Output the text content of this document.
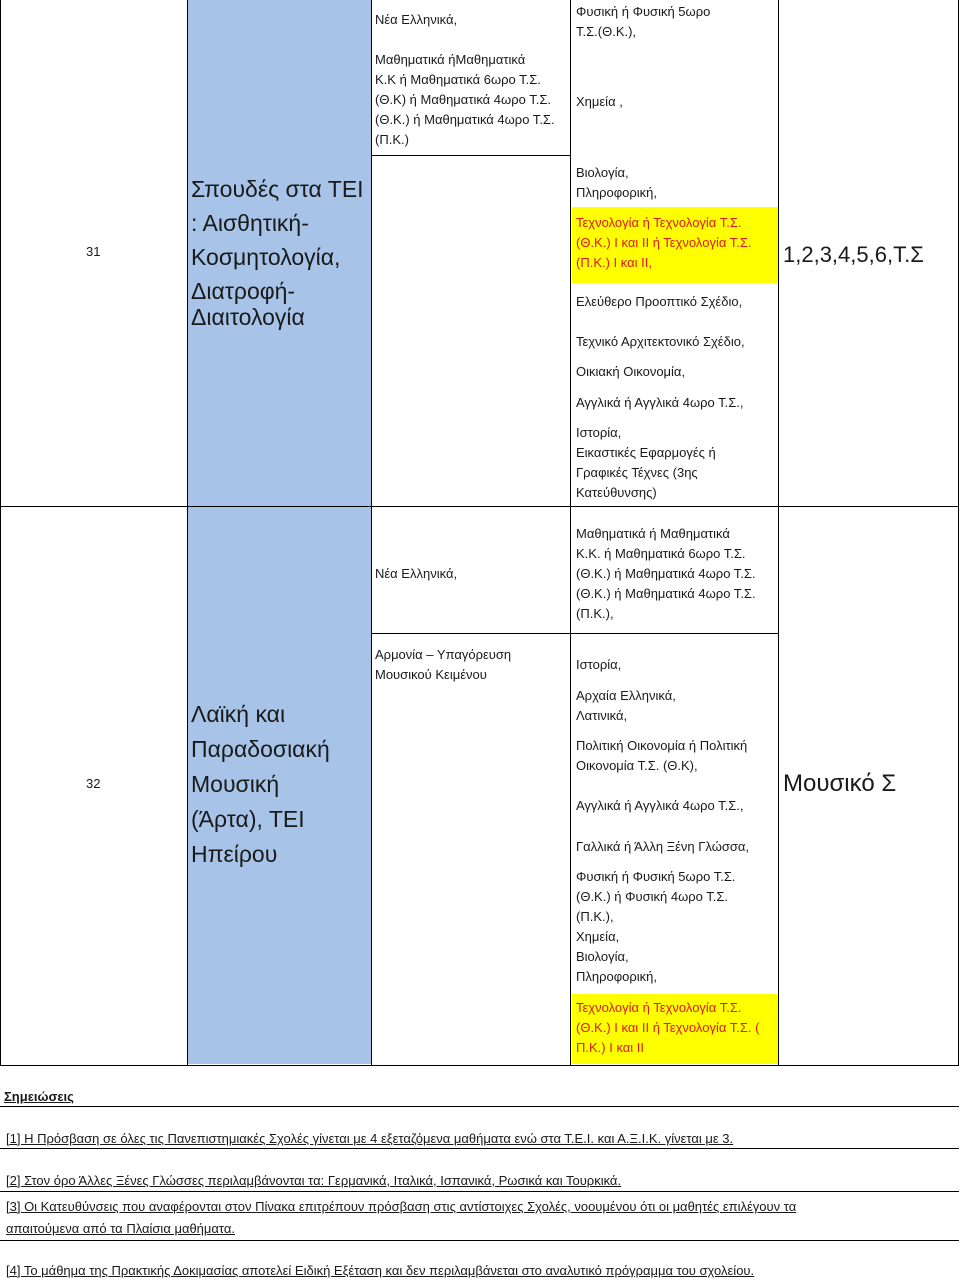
Νέα Ελληνικά,
Μαθηματικά ήΜαθηματικά
Κ.Κ ή Μαθηματικά 6ωρο Τ.Σ.
(Θ.Κ) ή Μαθηματικά 4ωρο Τ.Σ.
(Θ.Κ.) ή Μαθηματικά 4ωρο Τ.Σ.
(Π.Κ.)
Φυσική ή Φυσική 5ωρο
Τ.Σ.(Θ.Κ.),
Χημεία ,
31
Σπουδές στα ΤΕΙ
: Αισθητική-
Κοσμητολογία,
Διατροφή-
Διαιτολογία
Βιολογία,
Πληροφορική,
Τεχνολογία ή Τεχνολογία Τ.Σ.
(Θ.Κ.) Ι και ΙΙ ή Τεχνολογία Τ.Σ.
(Π.Κ.) Ι και ΙΙ,
Ελεύθερο Προοπτικό Σχέδιο,
Τεχνικό Αρχιτεκτονικό Σχέδιο,
Οικιακή Οικονομία,
Αγγλικά ή Αγγλικά 4ωρο Τ.Σ.,
Ιστορία,
Εικαστικές Εφαρμογές ή
Γραφικές Τέχνες (3ης
Κατεύθυνσης)
1,2,3,4,5,6,Τ.Σ
32
Λαϊκή και
Παραδοσιακή
Μουσική
(Άρτα), ΤΕΙ
Ηπείρου
Νέα Ελληνικά,
Μαθηματικά ή Μαθηματικά
Κ.Κ. ή Μαθηματικά 6ωρο Τ.Σ.
(Θ.Κ.) ή Μαθηματικά 4ωρο Τ.Σ.
(Θ.Κ.) ή Μαθηματικά 4ωρο Τ.Σ.
(Π.Κ.),
Αρμονία – Υπαγόρευση
Μουσικού Κειμένου
Ιστορία,
Αρχαία Ελληνικά,
Λατινικά,
Πολιτική Οικονομία ή Πολιτική
Οικονομία Τ.Σ. (Θ.Κ),
Αγγλικά ή Αγγλικά 4ωρο Τ.Σ.,
Γαλλικά ή Άλλη Ξένη Γλώσσα,
Φυσική ή Φυσική 5ωρο Τ.Σ.
(Θ.Κ.) ή Φυσική 4ωρο Τ.Σ.
(Π.Κ.),
Χημεία,
Βιολογία,
Πληροφορική,
Τεχνολογία ή Τεχνολογία Τ.Σ.
(Θ.Κ.) Ι και ΙΙ ή Τεχνολογία Τ.Σ. (
Π.Κ.) Ι και ΙΙ
Μουσικό Σ
Σημειώσεις
[1] Η Πρόσβαση σε όλες τις Πανεπιστημιακές Σχολές γίνεται με 4 εξεταζόμενα μαθήματα ενώ στα Τ.Ε.Ι. και Α.Ξ.Ι.Κ. γίνεται με 3.
[2] Στον όρο Άλλες Ξένες Γλώσσες περιλαμβάνονται τα: Γερμανικά, Ιταλικά, Ισπανικά, Ρωσικά και Τουρκικά.
[3] Οι Κατευθύνσεις που αναφέρονται στον Πίνακα επιτρέπουν πρόσβαση στις αντίστοιχες Σχολές, νοουμένου ότι οι μαθητές επιλέγουν τα
απαιτούμενα από τα Πλαίσια μαθήματα.
[4] Το μάθημα της Πρακτικής Δοκιμασίας αποτελεί Ειδική Εξέταση και δεν περιλαμβάνεται στο αναλυτικό πρόγραμμα του σχολείου.
